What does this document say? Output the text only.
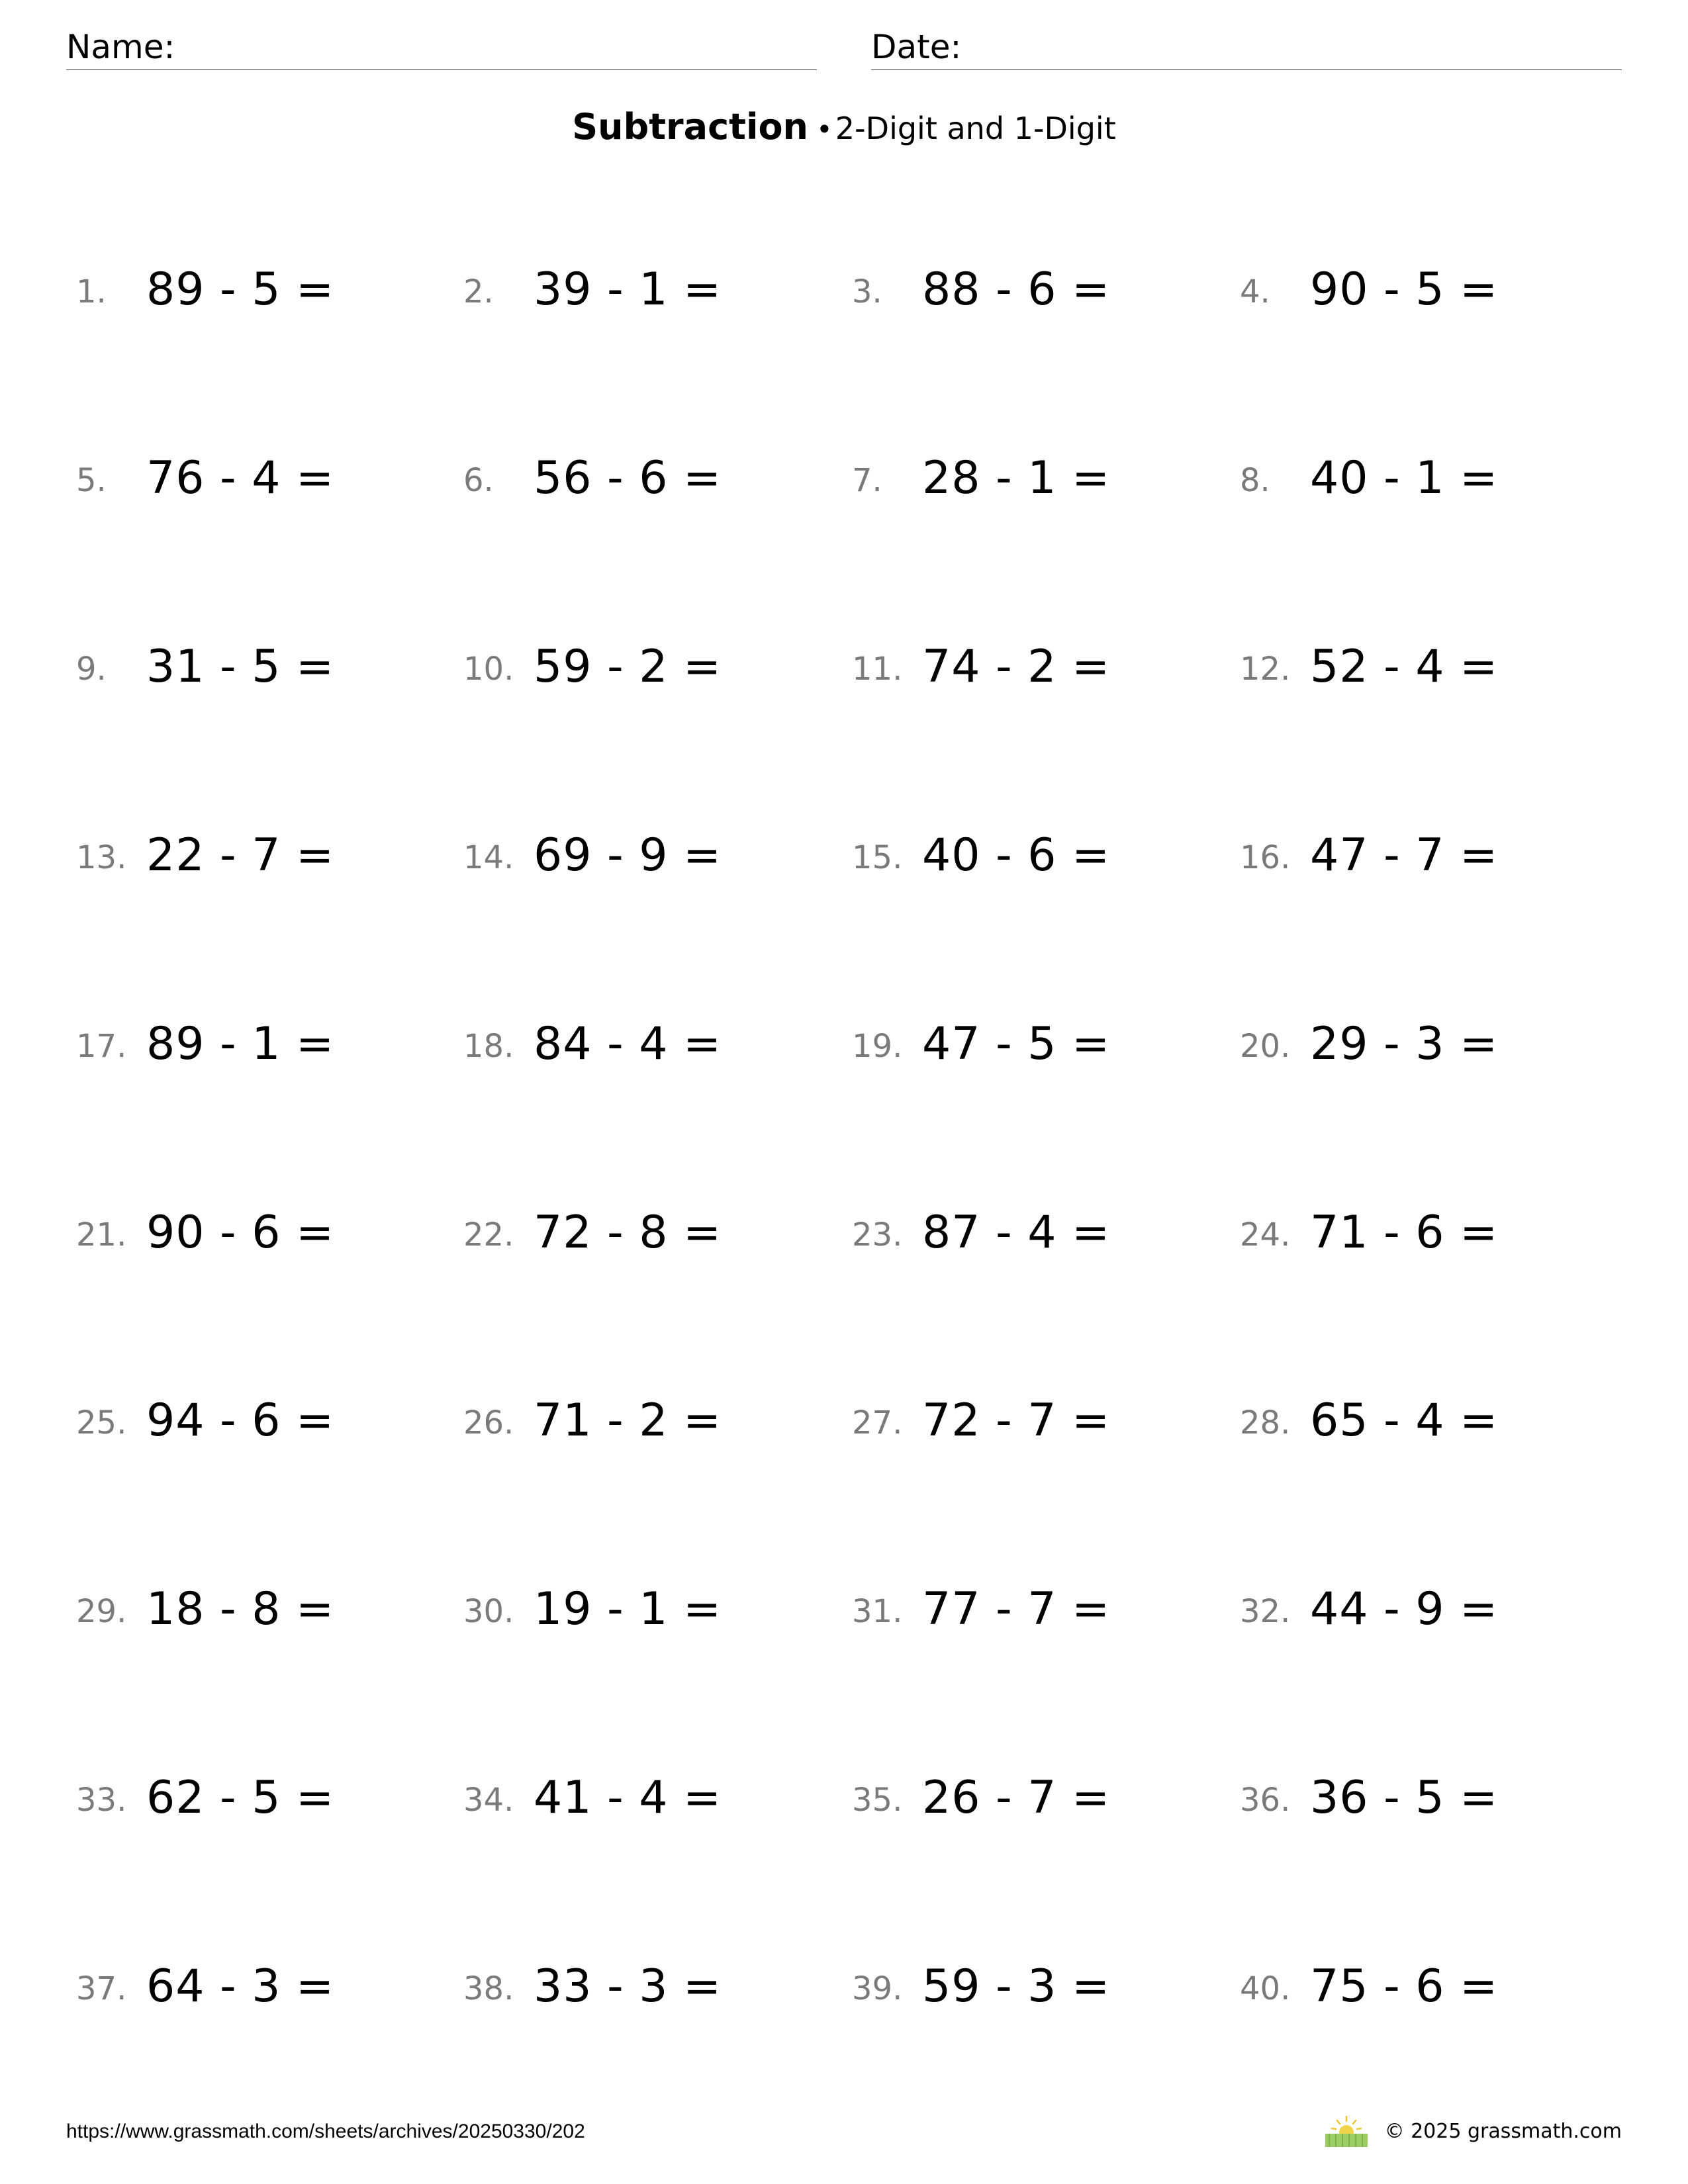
Name:	Date:
Subtraction •2-Digit and 1-Digit
1. 89 - 5 =	2. 39 - 1 =	3. 88 - 6 =	4. 90 - 5 =
5. 76 - 4 =	6. 56 - 6 =	7. 28 - 1 =	8. 40 - 1 =
9. 31 - 5 =	10. 59 - 2 =	11. 74 - 2 =	12. 52 - 4 =
13. 22 - 7 =	14. 69 - 9 =	15. 40 - 6 =	16. 47 - 7 =
17. 89 - 1 =	18. 84 - 4 =	19. 47 - 5 =	20. 29 - 3 =
21. 90 - 6 =	22. 72 - 8 =	23. 87 - 4 =	24. 71 - 6 =
25. 94 - 6 =	26. 71 - 2 =	27. 72 - 7 =	28. 65 - 4 =
29. 18 - 8 =	30. 19 - 1 =	31. 77 - 7 =	32. 44 - 9 =
33. 62 - 5 =	34. 41 - 4 =	35. 26 - 7 =	36. 36 - 5 =
37. 64 - 3 =	38. 33 - 3 =	39. 59 - 3 =	40. 75 - 6 =
https://www.grassmath.com/sheets/archives/20250330/202	© 2025 grassmath.com
